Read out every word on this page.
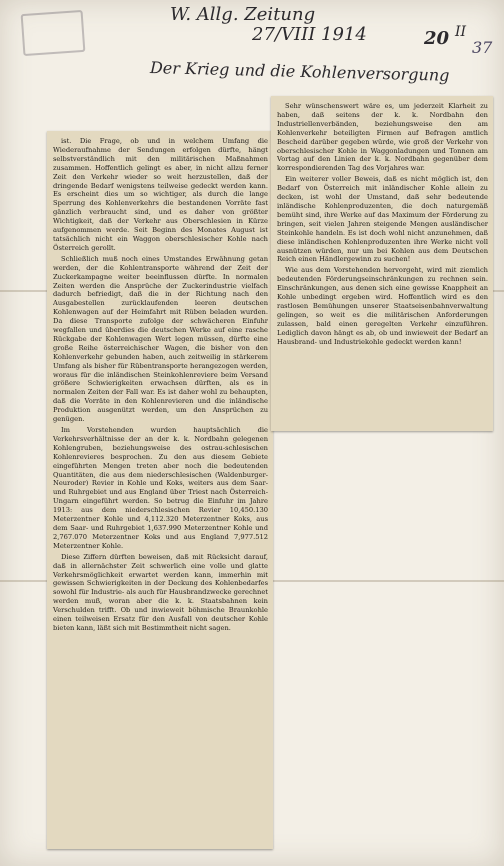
W. Allg. Zeitung
27/VIII 1914	20 II
37
Der Krieg und die Kohlenversorgung

ist. Die Frage, ob und in welchem Umfang die Wiederaufnahme der Sendungen erfolgen dürfte, hängt selbstverständlich mit den militärischen Maßnahmen zusammen. Hoffentlich gelingt es aber, in nicht allzu ferner Zeit den Verkehr wieder so weit herzustellen, daß der dringende Bedarf wenigstens teilweise gedeckt werden kann. Es erscheint dies um so wichtiger, als durch die lange Sperrung des Kohlenverkehrs die bestandenen Vorräte fast gänzlich verbraucht sind, und es daher von größter Wichtigkeit, daß der Verkehr aus Oberschlesien in Kürze aufgenommen werde. Seit Beginn des Monates August ist tatsächlich nicht ein Waggon oberschlesischer Kohle nach Österreich gerollt.

Schließlich muß noch eines Umstandes Erwähnung getan werden, der die Kohlentransporte während der Zeit der Zuckerkampagne weiter beeinflussen dürfte. In normalen Zeiten werden die Ansprüche der Zuckerindustrie vielfach dadurch befriedigt, daß die in der Richtung nach den Ausgabestellen zurücklaufenden leeren deutschen Kohlenwagen auf der Heimfahrt mit Rüben beladen wurden. Da diese Transporte zufolge der schwächeren Einfuhr wegfallen und überdies die deutschen Werke auf eine rasche Rückgabe der Kohlenwagen Wert legen müssen, dürfte eine große Reihe österreichischer Wagen, die bisher von den Kohlenverkehr gebunden haben, auch zeitweilig in stärkerem Umfang als bisher für Rübentransporte herangezogen werden, woraus für die inländischen Steinkohlenreviere beim Versand größere Schwierigkeiten erwachsen dürften, als es in normalen Zeiten der Fall war. Es ist daher wohl zu behaupten, daß die Vorräte in den Kohlenrevieren und die inländische Produktion ausgenützt werden, um den Ansprüchen zu genügen.

Im Vorstehenden wurden hauptsächlich die Verkehrsverhältnisse der an der k. k. Nordbahn gelegenen Kohlengruben, beziehungsweise des ostrau-schlesischen Kohlenrevieres besprochen. Zu den aus diesem Gebiete eingeführten Mengen treten aber noch die bedeutenden Quantitäten, die aus dem niederschlesischen (Waldenburger-Neuroder) Revier in Kohle und Koks, weiters aus dem Saar- und Ruhrgebiet und aus England über Triest nach Österreich-Ungarn eingeführt werden. So betrug die Einfuhr im Jahre 1913: aus dem niederschlesischen Revier 10,450.130 Meterzentner Kohle und 4,112.320 Meterzentner Koks, aus dem Saar- und Ruhrgebiet 1,637.990 Meterzentner Kohle und 2,767.070 Meterzentner Koks und aus England 7,977.512 Meterzentner Kohle.

Diese Ziffern dürften beweisen, daß mit Rücksicht darauf, daß in allernächster Zeit schwerlich eine volle und glatte Verkehrsmöglichkeit erwartet werden kann, immerhin mit gewissen Schwierigkeiten in der Deckung des Kohlenbedarfes sowohl für Industrie- als auch für Hausbrandzwecke gerechnet werden muß, woran aber die k. k. Staatsbahnen kein Verschulden trifft. Ob und inwieweit böhmische Braunkohle einen teilweisen Ersatz für den Ausfall von deutscher Kohle bieten kann, läßt sich mit Bestimmtheit nicht sagen.

Sehr wünschenswert wäre es, um jederzeit Klarheit zu haben, daß seitens der k. k. Nordbahn den Industriellenverbänden, beziehungsweise den am Kohlenverkehr beteiligten Firmen auf Befragen amtlich Bescheid darüber gegeben würde, wie groß der Verkehr von oberschlesischer Kohle in Waggonladungen und Tonnen am Vortag auf den Linien der k. k. Nordbahn gegenüber dem korrespondierenden Tag des Vorjahres war.

Ein weiterer voller Beweis, daß es nicht möglich ist, den Bedarf von Österreich mit inländischer Kohle allein zu decken, ist wohl der Umstand, daß sehr bedeutende inländische Kohlenproduzenten, die doch naturgemäß bemüht sind, ihre Werke auf das Maximum der Förderung zu bringen, seit vielen Jahren steigende Mengen ausländischer Steinkohle handeln. Es ist doch wohl nicht anzunehmen, daß diese inländischen Kohlenproduzenten ihre Werke nicht voll ausnützen würden, nur um bei Kohlen aus dem Deutschen Reich einen Händlergewinn zu suchen!

Wie aus dem Vorstehenden hervorgeht, wird mit ziemlich bedeutenden Förderungseinschränkungen zu rechnen sein. Einschränkungen, aus denen sich eine gewisse Knappheit an Kohle unbedingt ergeben wird. Hoffentlich wird es den rastlosen Bemühungen unserer Staatseisenbahnverwaltung gelingen, so weit es die militärischen Anforderungen zulassen, bald einen geregelten Verkehr einzuführen. Lediglich davon hängt es ab, ob und inwieweit der Bedarf an Hausbrand- und Industriekohle gedeckt werden kann!
